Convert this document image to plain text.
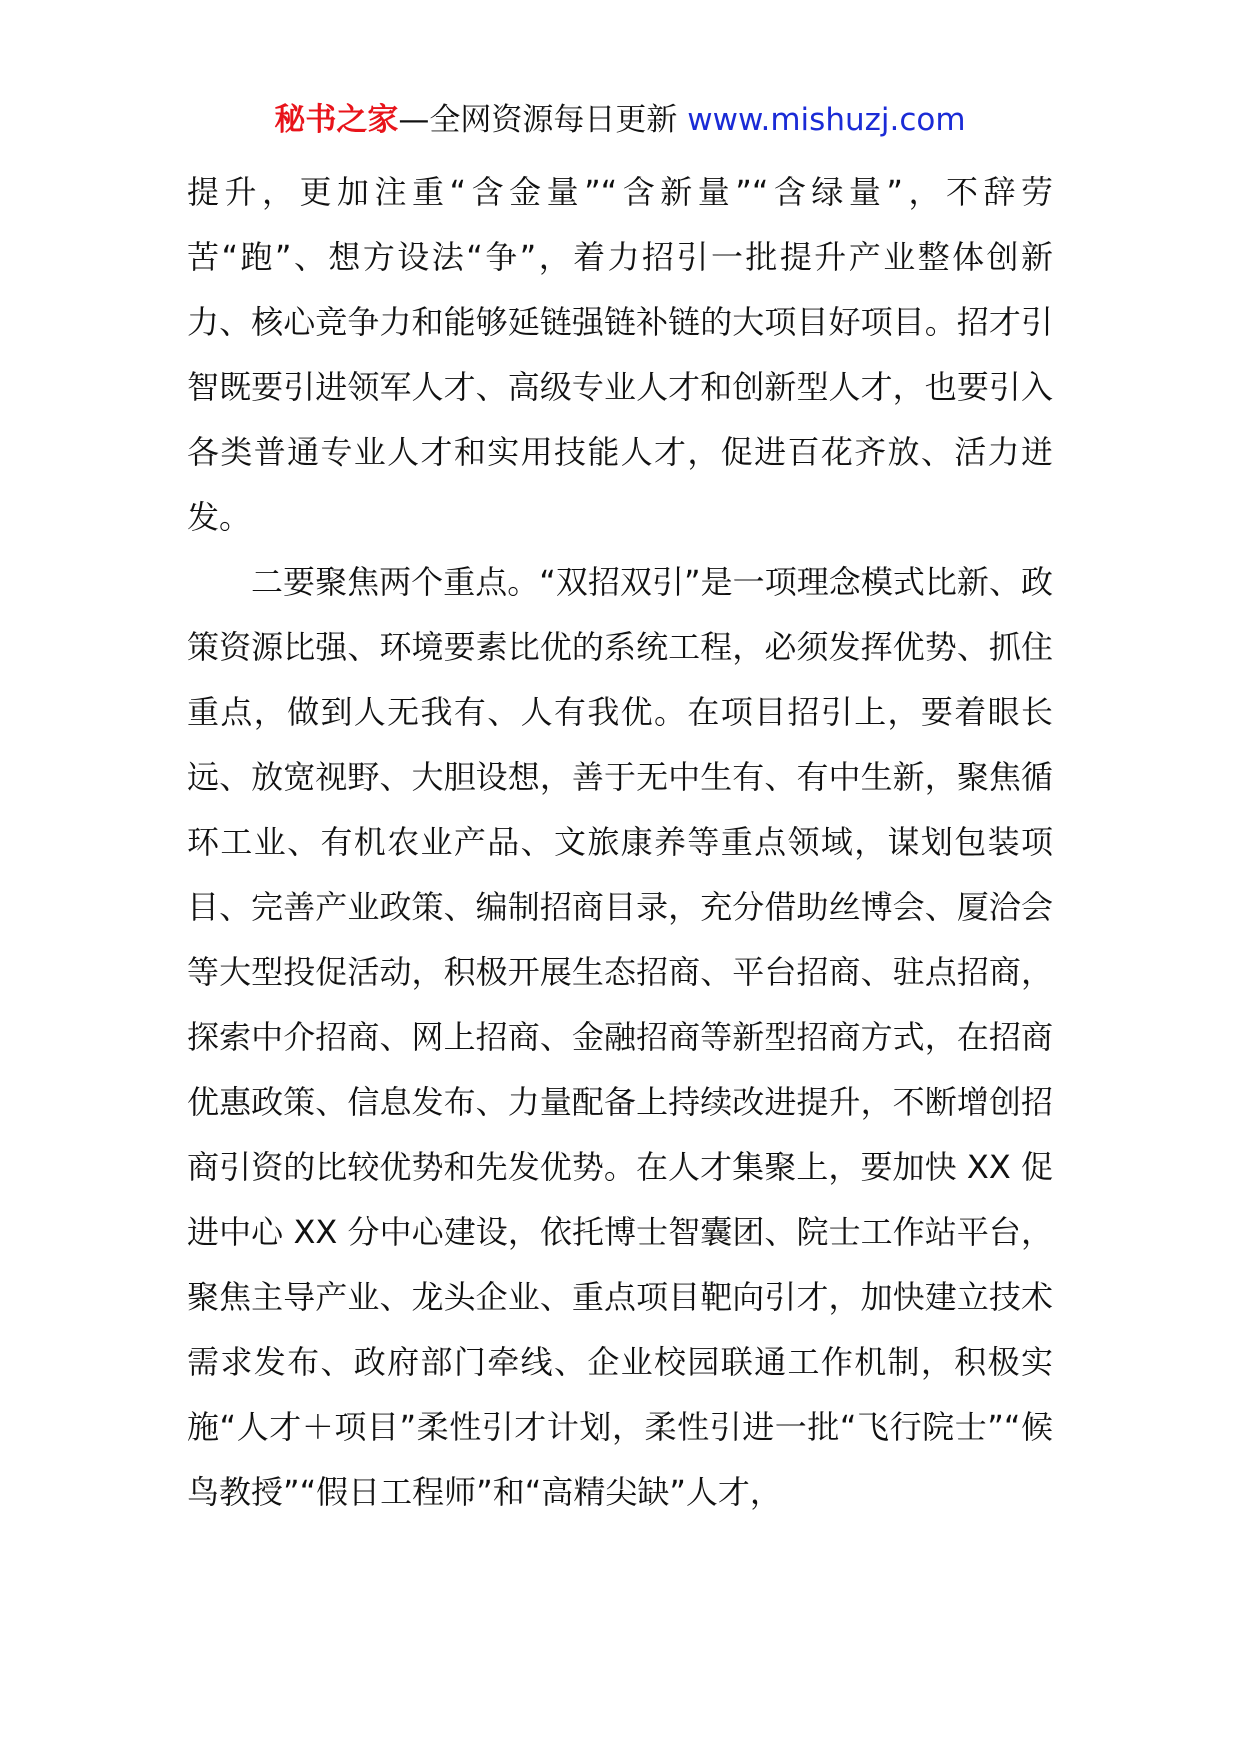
秘书之家—全网资源每日更新 www.mishuzj.com

提升，更加注重“含金量”“含新量”“含绿量”，不辞劳苦“跑”、想方设法“争”，着力招引一批提升产业整体创新力、核心竞争力和能够延链强链补链的大项目好项目。招才引智既要引进领军人才、高级专业人才和创新型人才，也要引入各类普通专业人才和实用技能人才，促进百花齐放、活力迸发。

二要聚焦两个重点。“双招双引”是一项理念模式比新、政策资源比强、环境要素比优的系统工程，必须发挥优势、抓住重点，做到人无我有、人有我优。在项目招引上，要着眼长远、放宽视野、大胆设想，善于无中生有、有中生新，聚焦循环工业、有机农业产品、文旅康养等重点领域，谋划包装项目、完善产业政策、编制招商目录，充分借助丝博会、厦洽会等大型投促活动，积极开展生态招商、平台招商、驻点招商，探索中介招商、网上招商、金融招商等新型招商方式，在招商优惠政策、信息发布、力量配备上持续改进提升，不断增创招商引资的比较优势和先发优势。在人才集聚上，要加快 XX 促进中心 XX 分中心建设，依托博士智囊团、院士工作站平台，聚焦主导产业、龙头企业、重点项目靶向引才，加快建立技术需求发布、政府部门牵线、企业校园联通工作机制，积极实施“人才＋项目”柔性引才计划，柔性引进一批“飞行院士”“候鸟教授”“假日工程师”和“高精尖缺”人才，
